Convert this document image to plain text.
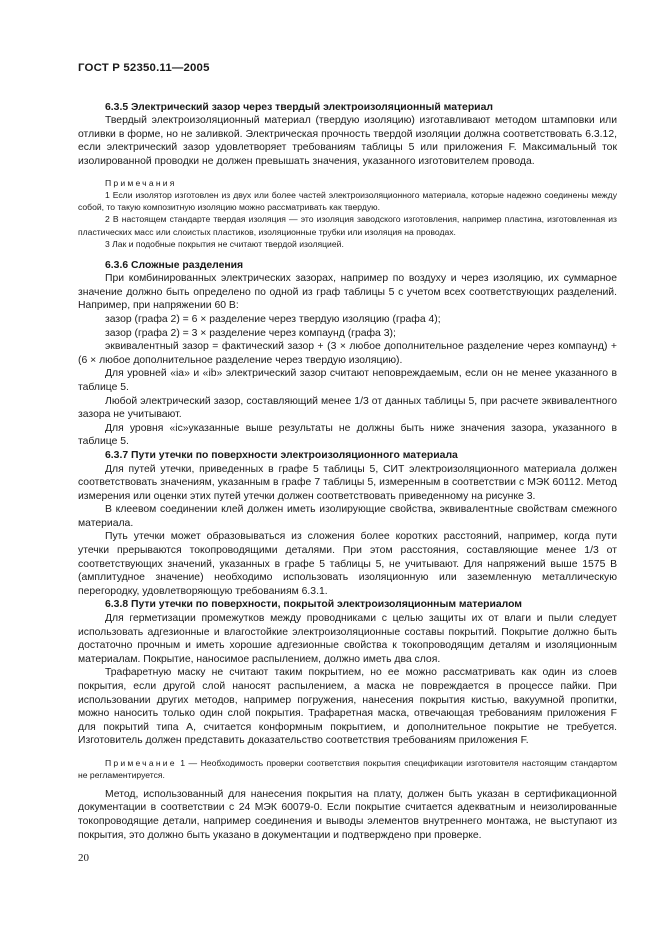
ГОСТ Р 52350.11—2005
6.3.5 Электрический зазор через твердый электроизоляционный материал

Твердый электроизоляционный материал (твердую изоляцию) изготавливают методом штамповки или отливки в форме, но не заливкой. Электрическая прочность твердой изоляции должна соответствовать 6.3.12, если электрический зазор удовлетворяет требованиям таблицы 5 или приложения F. Максимальный ток изолированной проводки не должен превышать значения, указанного изготовителем провода.

Примечания

1 Если изолятор изготовлен из двух или более частей электроизоляционного материала, которые надежно соединены между собой, то такую композитную изоляцию можно рассматривать как твердую.

2 В настоящем стандарте твердая изоляция — это изоляция заводского изготовления, например пластина, изготовленная из пластических масс или слоистых пластиков, изоляционные трубки или изоляция на проводах.

3 Лак и подобные покрытия не считают твердой изоляцией.

6.3.6 Сложные разделения

При комбинированных электрических зазорах, например по воздуху и через изоляцию, их суммарное значение должно быть определено по одной из граф таблицы 5 с учетом всех соответствующих разделений. Например, при напряжении 60 В:

зазор (графа 2) = 6 × разделение через твердую изоляцию (графа 4);

зазор (графа 2) = 3 × разделение через компаунд (графа 3);

эквивалентный зазор = фактический зазор + (3 × любое дополнительное разделение через компаунд) + (6 × любое дополнительное разделение через твердую изоляцию).

Для уровней «ia» и «ib» электрический зазор считают неповреждаемым, если он не менее указанного в таблице 5.

Любой электрический зазор, составляющий менее 1/3 от данных таблицы 5, при расчете эквивалентного зазора не учитывают.

Для уровня «ic»указанные выше результаты не должны быть ниже значения зазора, указанного в таблице 5.

6.3.7 Пути утечки по поверхности электроизоляционного материала

Для путей утечки, приведенных в графе 5 таблицы 5, СИТ электроизоляционного материала должен соответствовать значениям, указанным в графе 7 таблицы 5, измеренным в соответствии с МЭК 60112. Метод измерения или оценки этих путей утечки должен соответствовать приведенному на рисунке 3.

В клеевом соединении клей должен иметь изолирующие свойства, эквивалентные свойствам смежного материала.

Путь утечки может образовываться из сложения более коротких расстояний, например, когда пути утечки прерываются токопроводящими деталями. При этом расстояния, составляющие менее 1/3 от соответствующих значений, указанных в графе 5 таблицы 5, не учитывают. Для напряжений выше 1575 В (амплитудное значение) необходимо использовать изоляционную или заземленную металлическую перегородку, удовлетворяющую требованиям 6.3.1.

6.3.8 Пути утечки по поверхности, покрытой электроизоляционным материалом

Для герметизации промежутков между проводниками с целью защиты их от влаги и пыли следует использовать адгезионные и влагостойкие электроизоляционные составы покрытий. Покрытие должно быть достаточно прочным и иметь хорошие адгезионные свойства к токопроводящим деталям и изоляционным материалам. Покрытие, наносимое распылением, должно иметь два слоя.

Трафаретную маску не считают таким покрытием, но ее можно рассматривать как один из слоев покрытия, если другой слой наносят распылением, а маска не повреждается в процессе пайки. При использовании других методов, например погружения, нанесения покрытия кистью, вакуумной пропитки, можно наносить только один слой покрытия. Трафаретная маска, отвечающая требованиям приложения F для покрытий типа А, считается конформным покрытием, и дополнительное покрытие не требуется. Изготовитель должен представить доказательство соответствия требованиям приложения F.

Примечание 1 — Необходимость проверки соответствия покрытия спецификации изготовителя настоящим стандартом не регламентируется.

Метод, использованный для нанесения покрытия на плату, должен быть указан в сертификационной документации в соответствии с 24 МЭК 60079-0. Если покрытие считается адекватным и неизолированные токопроводящие детали, например соединения и выводы элементов внутреннего монтажа, не выступают из покрытия, это должно быть указано в документации и подтверждено при проверке.

20
